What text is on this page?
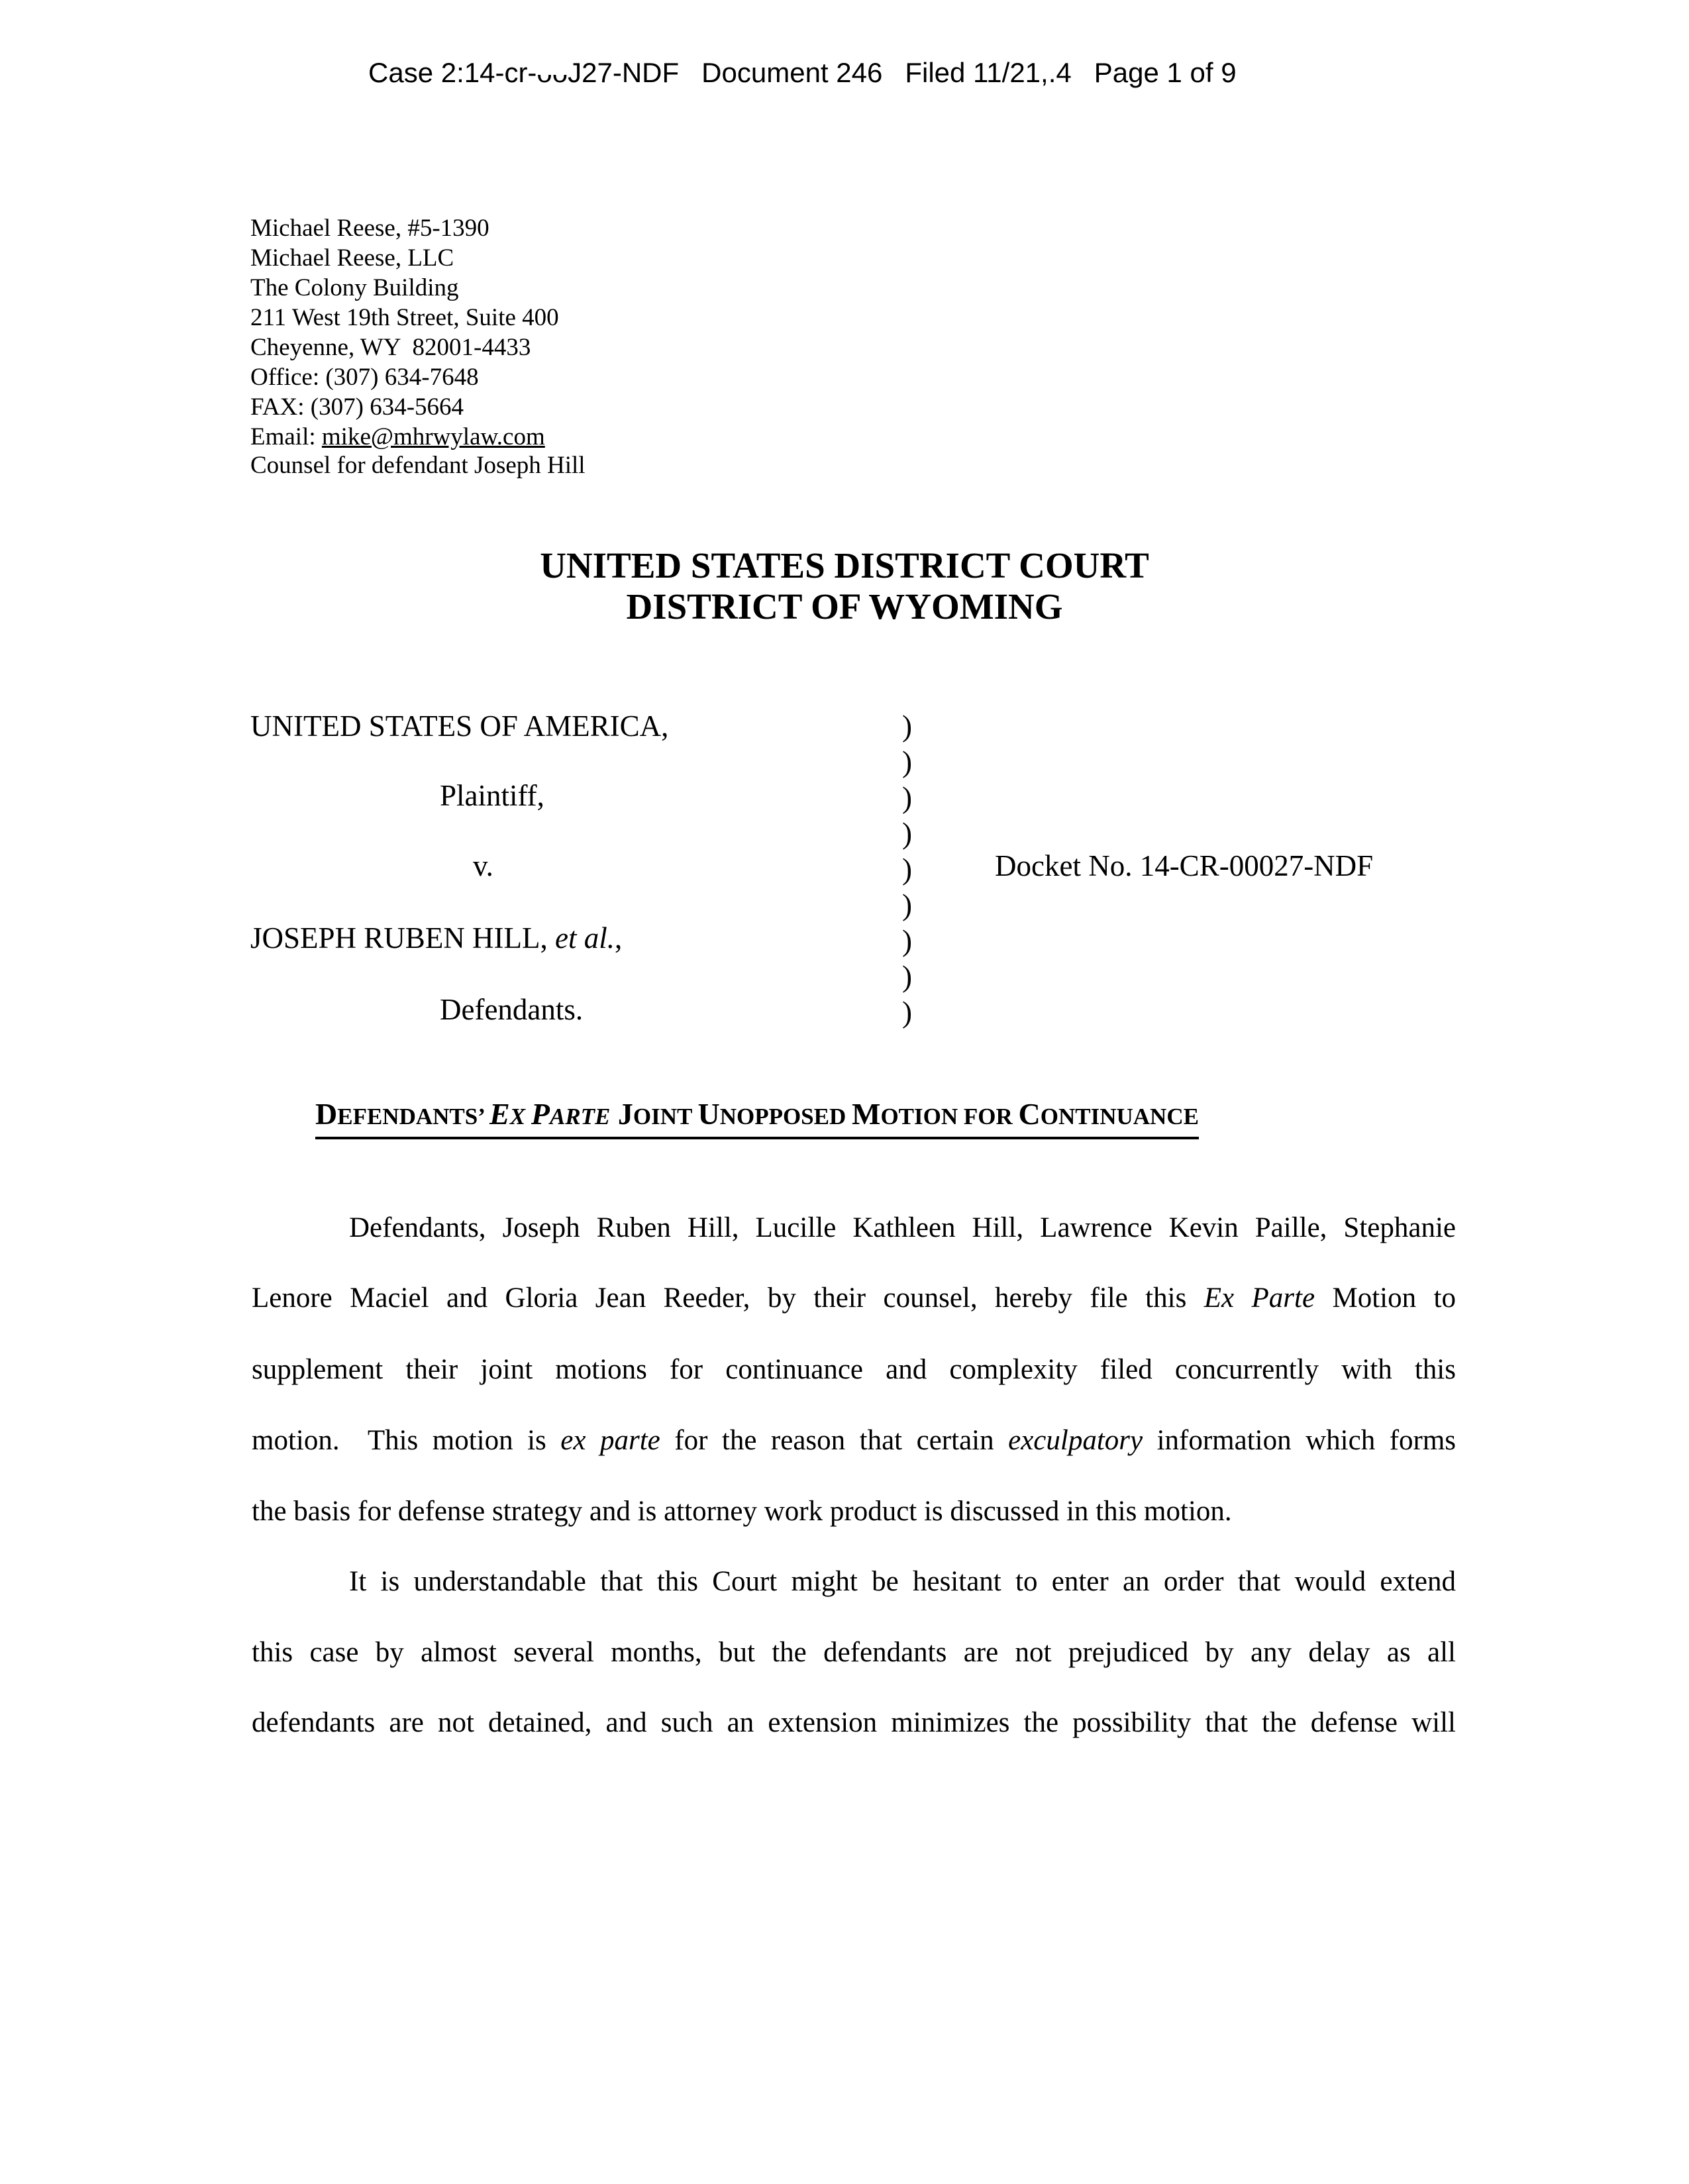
Case 2:14-cr-ᴗᴗJ27-NDF Document 246 Filed 11/21,.4 Page 1 of 9
Michael Reese, #5-1390
Michael Reese, LLC
The Colony Building
211 West 19th Street, Suite 400
Cheyenne, WY  82001-4433
Office: (307) 634-7648
FAX: (307) 634-5664
Email: mike@mhrwylaw.com
Counsel for defendant Joseph Hill
UNITED STATES DISTRICT COURT
DISTRICT OF WYOMING
UNITED STATES OF AMERICA,
Plaintiff,
v.
JOSEPH RUBEN HILL, et al.,
Defendants.
)
)
)
)
)
)
)
)
)
Docket No. 14-CR-00027-NDF
DEFENDANTS’ EX PARTE JOINT UNOPPOSED MOTION FOR CONTINUANCE
Defendants, Joseph Ruben Hill, Lucille Kathleen Hill, Lawrence Kevin Paille, Stephanie
Lenore Maciel and Gloria Jean Reeder, by their counsel, hereby file this Ex Parte Motion to
supplement their joint motions for continuance and complexity filed concurrently with this
motion.  This motion is ex parte for the reason that certain exculpatory information which forms
the basis for defense strategy and is attorney work product is discussed in this motion.
It is understandable that this Court might be hesitant to enter an order that would extend
this case by almost several months, but the defendants are not prejudiced by any delay as all
defendants are not detained, and such an extension minimizes the possibility that the defense will
